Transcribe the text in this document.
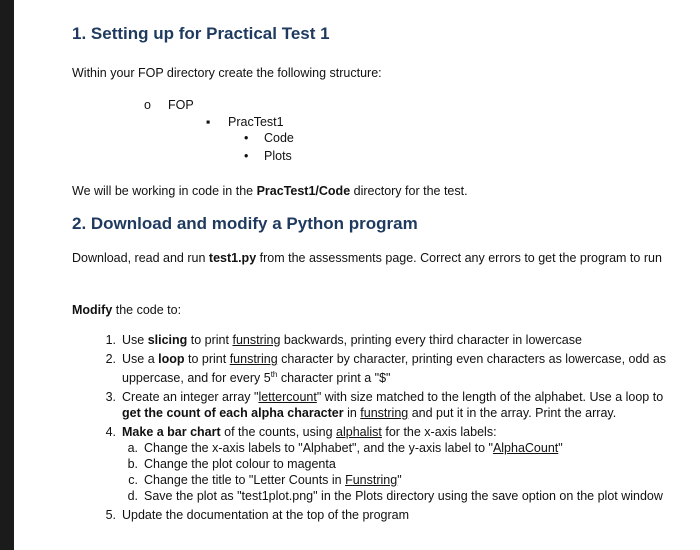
1. Setting up for Practical Test 1
Within your FOP directory create the following structure:
o FOP
▪ PracTest1
• Code
• Plots
We will be working in code in the PracTest1/Code directory for the test.
2. Download and modify a Python program
Download, read and run test1.py from the assessments page. Correct any errors to get the program to run
Modify the code to:
1. Use slicing to print funstring backwards, printing every third character in lowercase
2. Use a loop to print funstring character by character, printing even characters as lowercase, odd as uppercase, and for every 5th character print a "$"
3. Create an integer array "lettercount" with size matched to the length of the alphabet. Use a loop to get the count of each alpha character in funstring and put it in the array. Print the array.
4. Make a bar chart of the counts, using alphalist for the x-axis labels:
a. Change the x-axis labels to "Alphabet", and the y-axis label to "AlphaCount"
b. Change the plot colour to magenta
c. Change the title to "Letter Counts in Funstring"
d. Save the plot as "test1plot.png" in the Plots directory using the save option on the plot window
5. Update the documentation at the top of the program
